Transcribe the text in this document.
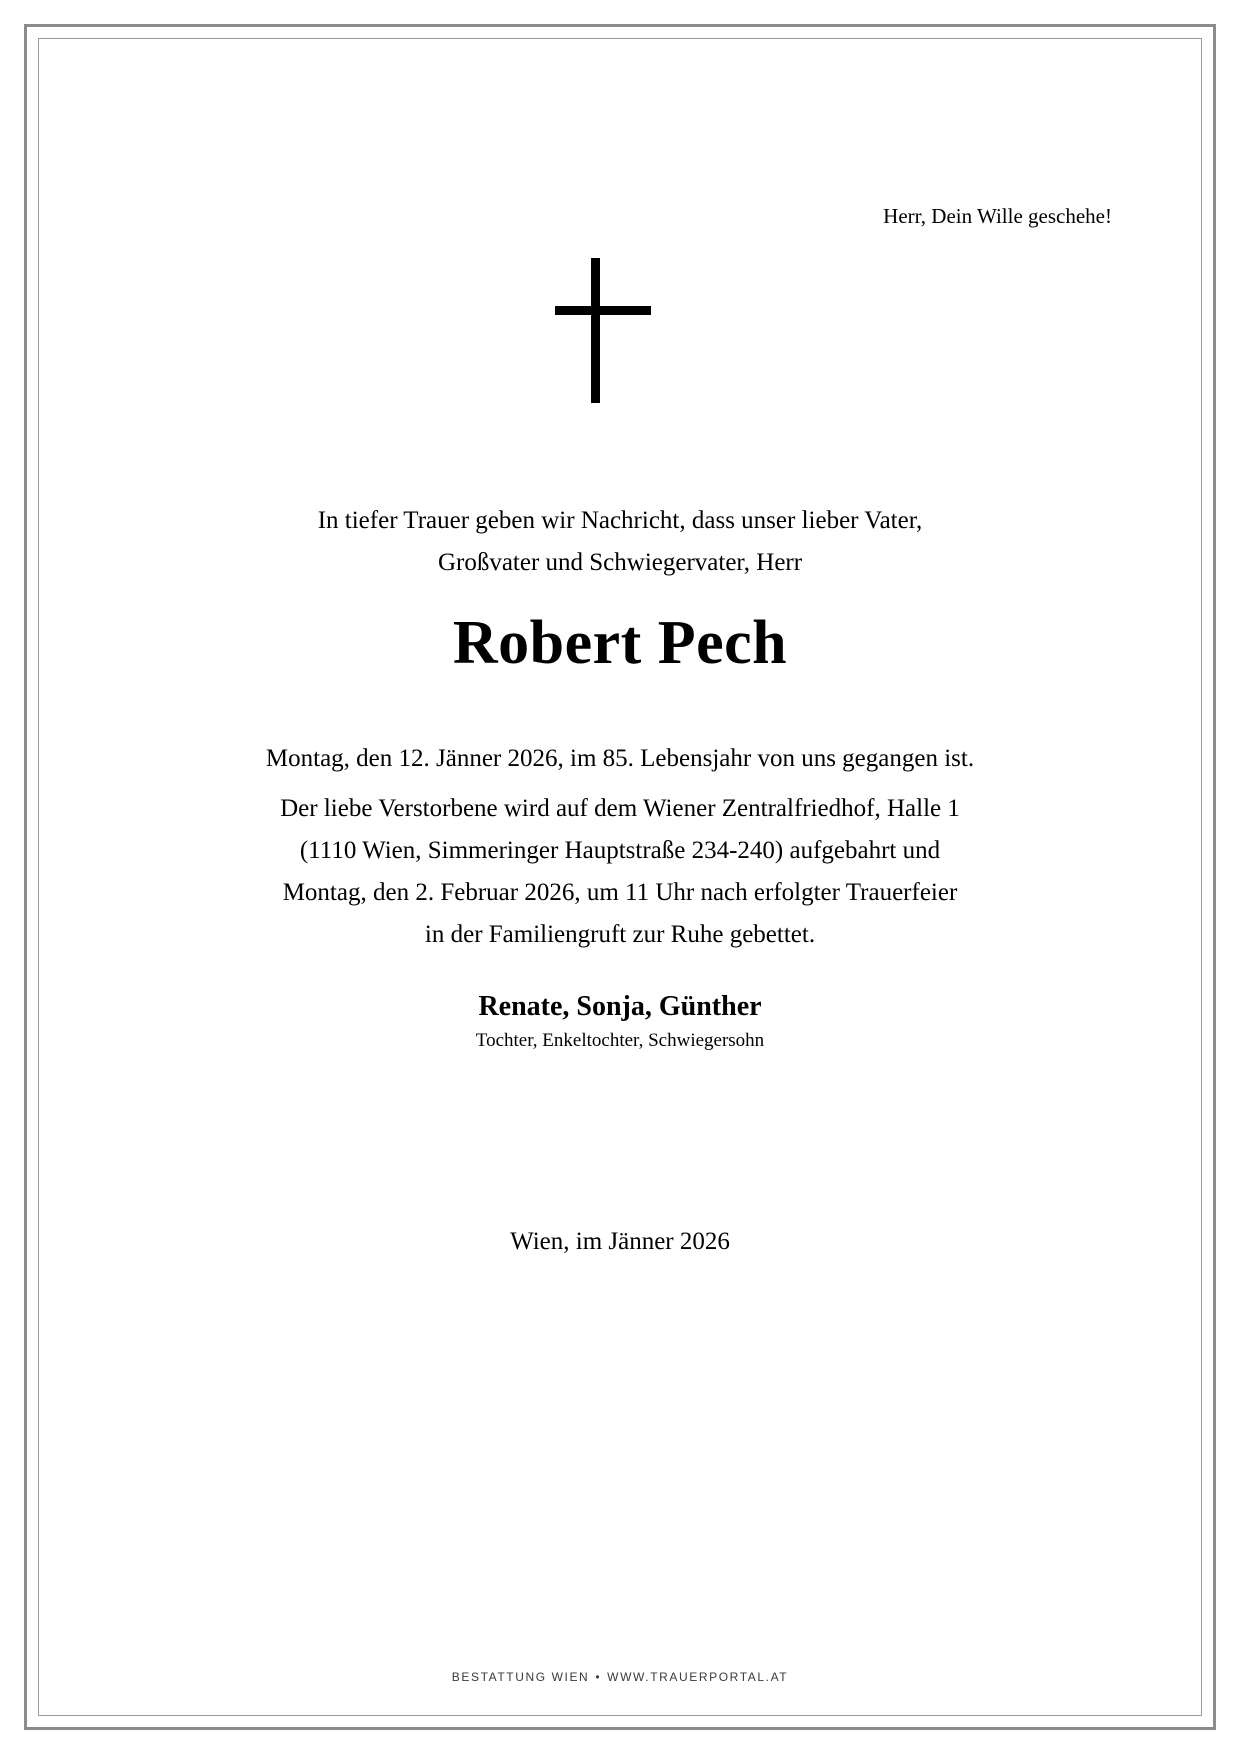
Herr, Dein Wille geschehe!
In tiefer Trauer geben wir Nachricht, dass unser lieber Vater,
Großvater und Schwiegervater, Herr
Robert Pech
Montag, den 12. Jänner 2026, im 85. Lebensjahr von uns gegangen ist.
Der liebe Verstorbene wird auf dem Wiener Zentralfriedhof, Halle 1
(1110 Wien, Simmeringer Hauptstraße 234-240) aufgebahrt und
Montag, den 2. Februar 2026, um 11 Uhr nach erfolgter Trauerfeier
in der Familiengruft zur Ruhe gebettet.
Renate, Sonja, Günther
Tochter, Enkeltochter, Schwiegersohn
Wien, im Jänner 2026
BESTATTUNG WIEN • WWW.TRAUERPORTAL.AT
